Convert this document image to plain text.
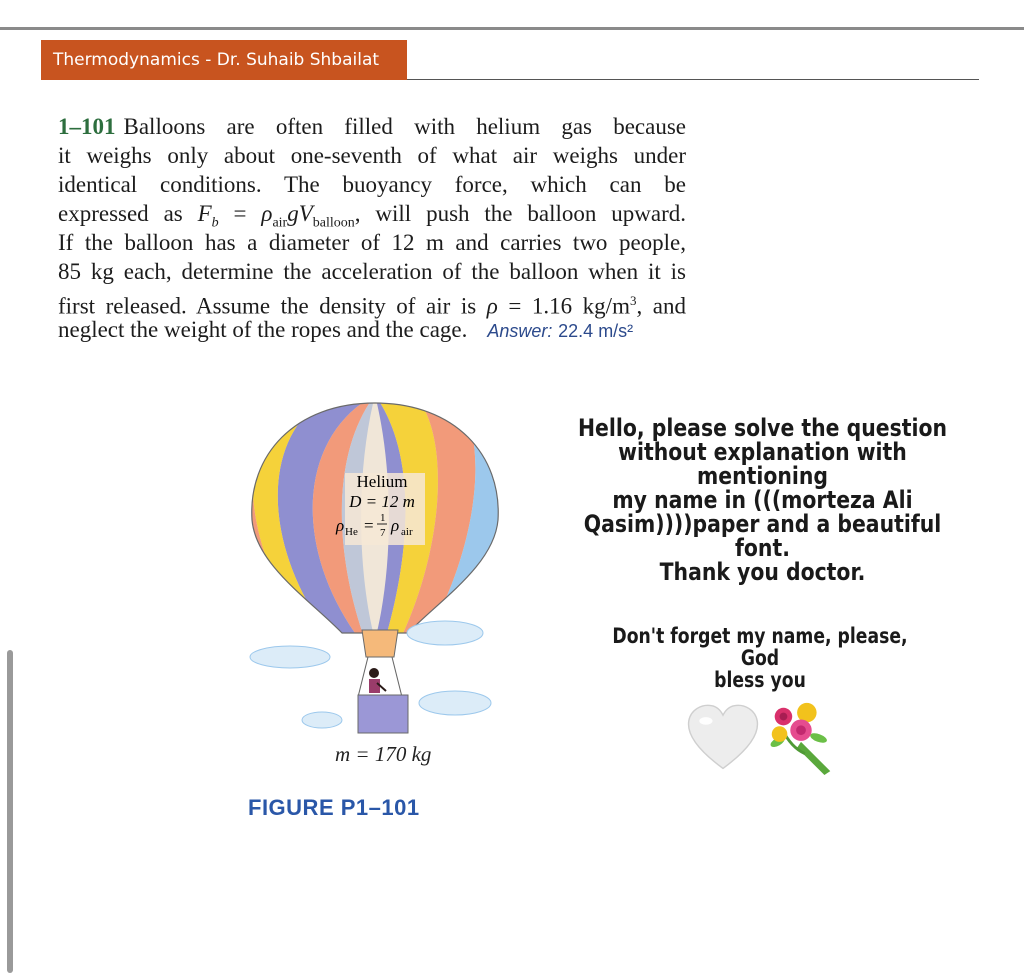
Thermodynamics - Dr. Suhaib Shbailat
1–101 Balloons are often filled with helium gas because
it weighs only about one-seventh of what air weighs under
identical conditions. The buoyancy force, which can be
expressed as $F_b = \rho_{air}gV_{balloon}$, will push the balloon upward.
If the balloon has a diameter of 12 m and carries two people,
85 kg each, determine the acceleration of the balloon when it is
first released. Assume the density of air is ρ = 1.16 $kg/m^3$, and
neglect the weight of the ropes and the cage. Answer: 22.4 m/s²
Helium
D = 12 m
ρ He = 1
7 ρ air
m = 170 kg
FIGURE P1–101
Hello, please solve the question
without explanation with mentioning
my name in (((morteza Ali
Qasim))))paper and a beautiful font.
Thank you doctor.
Don't forget my name, please, God
bless you
